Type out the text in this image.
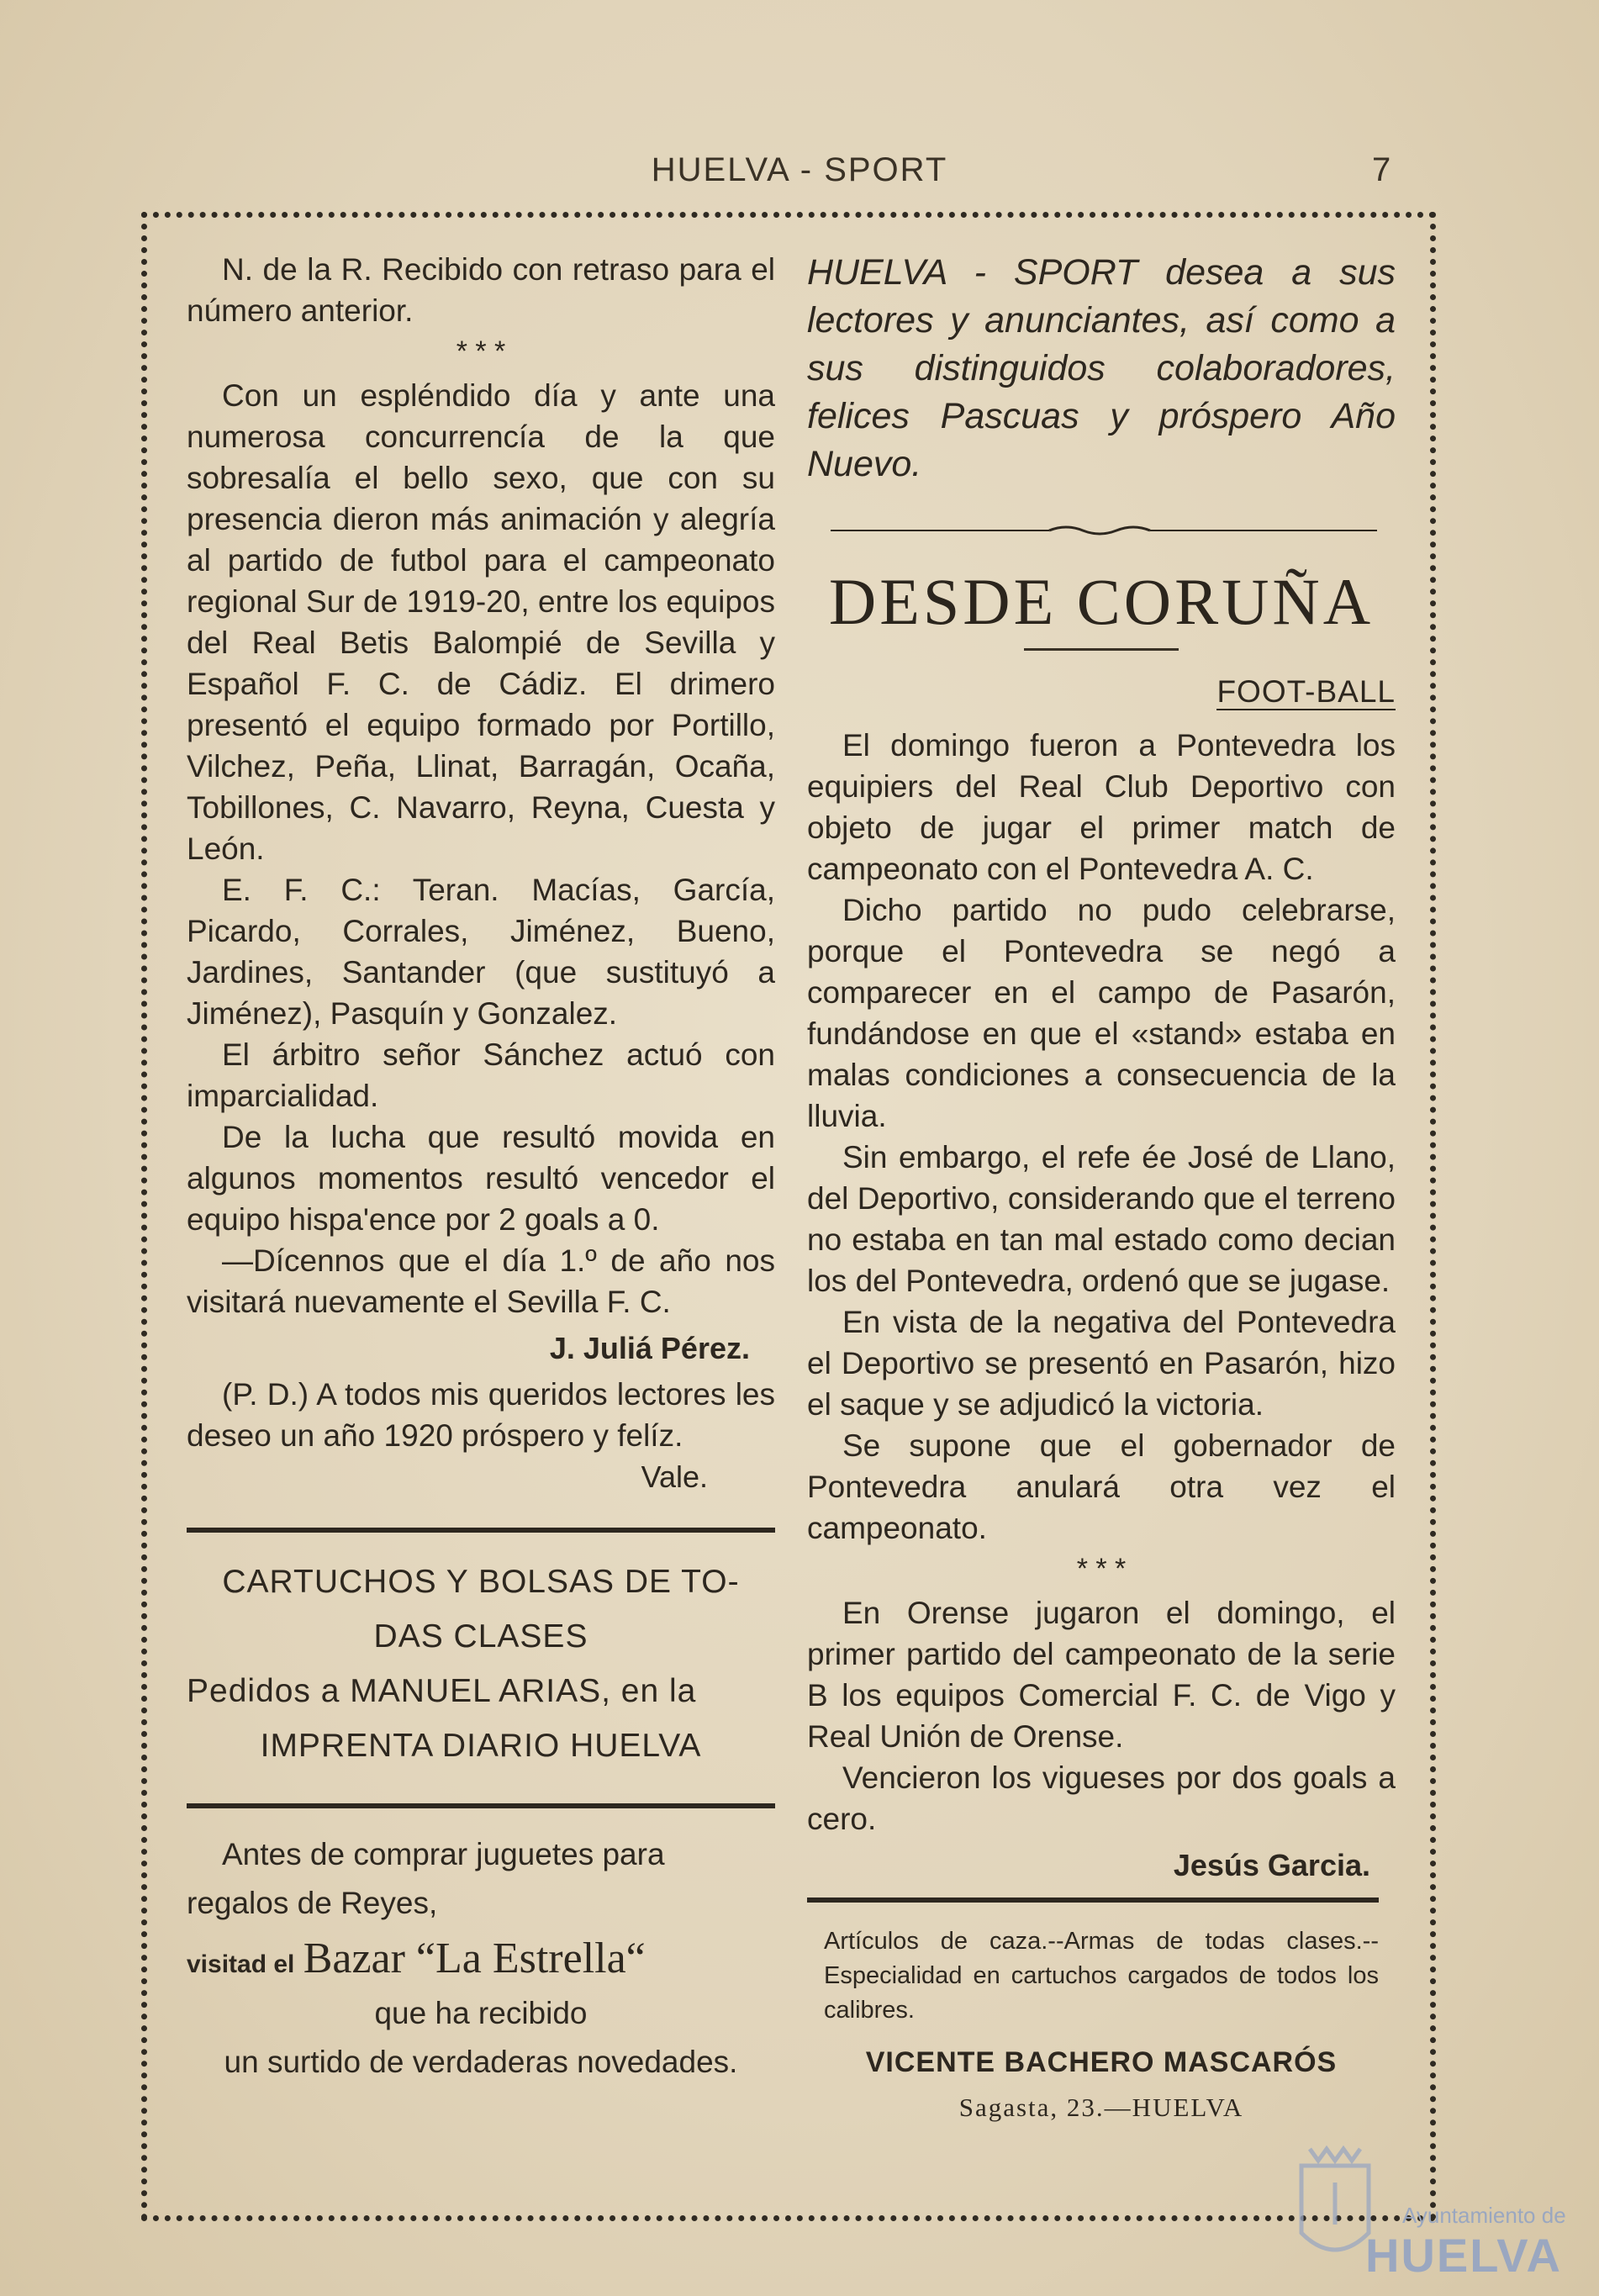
HUELVA - SPORT	7

N. de la R. Recibido con retraso para el número anterior.

* * *

Con un espléndido día y ante una numerosa concurrencía de la que sobresalía el bello sexo, que con su presencia dieron más animación y alegría al partido de futbol para el campeonato regional Sur de 1919-20, entre los equipos del Real Betis Balompié de Sevilla y Español F. C. de Cádiz. El drimero presentó el equipo formado por Portillo, Vilchez, Peña, Llinat, Barragán, Ocaña, Tobillones, C. Navarro, Reyna, Cuesta y León.

E. F. C.: Teran. Macías, García, Picardo, Corrales, Jiménez, Bueno, Jardines, Santander (que sustituyó a Jiménez), Pasquín y Gonzalez.

El árbitro señor Sánchez actuó con imparcialidad.

De la lucha que resultó movida en algunos momentos resultó vencedor el equipo hispa'ence por 2 goals a 0.

—Dícennos que el día 1.º de año nos visitará nuevamente el Sevilla F. C.

J. Juliá Pérez.

(P. D.) A todos mis queridos lectores les deseo un año 1920 próspero y felíz.

Vale.
CARTUCHOS Y BOLSAS DE TO-
DAS CLASES
Pedidos a MANUEL ARIAS, en la
IMPRENTA DIARIO HUELVA
Antes de comprar juguetes para regalos de Reyes,
visitad el Bazar “La Estrella“
que ha recibido
un surtido de verdaderas novedades.

HUELVA - SPORT desea a sus lectores y anunciantes, así como a sus distinguidos colaboradores, felices Pascuas y próspero Año Nuevo.

DESDE CORUÑA
FOOT-BALL

El domingo fueron a Pontevedra los equipiers del Real Club Deportivo con objeto de jugar el primer match de campeonato con el Pontevedra A. C.

Dicho partido no pudo celebrarse, porque el Pontevedra se negó a comparecer en el campo de Pasarón, fundándose en que el «stand» estaba en malas condiciones a consecuencia de la lluvia.

Sin embargo, el refe ée José de Llano, del Deportivo, considerando que el terreno no estaba en tan mal estado como decian los del Pontevedra, ordenó que se jugase.

En vista de la negativa del Pontevedra el Deportivo se presentó en Pasarón, hizo el saque y se adjudicó la victoria.

Se supone que el gobernador de Pontevedra anulará otra vez el campeonato.

* * *

En Orense jugaron el domingo, el primer partido del campeonato de la serie B los equipos Comercial F. C. de Vigo y Real Unión de Orense.

Vencieron los vigueses por dos goals a cero.

Jesús Garcia.
Artículos de caza.--Armas de todas clases.--Especialidad en cartuchos cargados de todos los calibres.
VICENTE BACHERO MASCARÓS
Sagasta, 23.—HUELVA
Ayuntamiento de
HUELVA
